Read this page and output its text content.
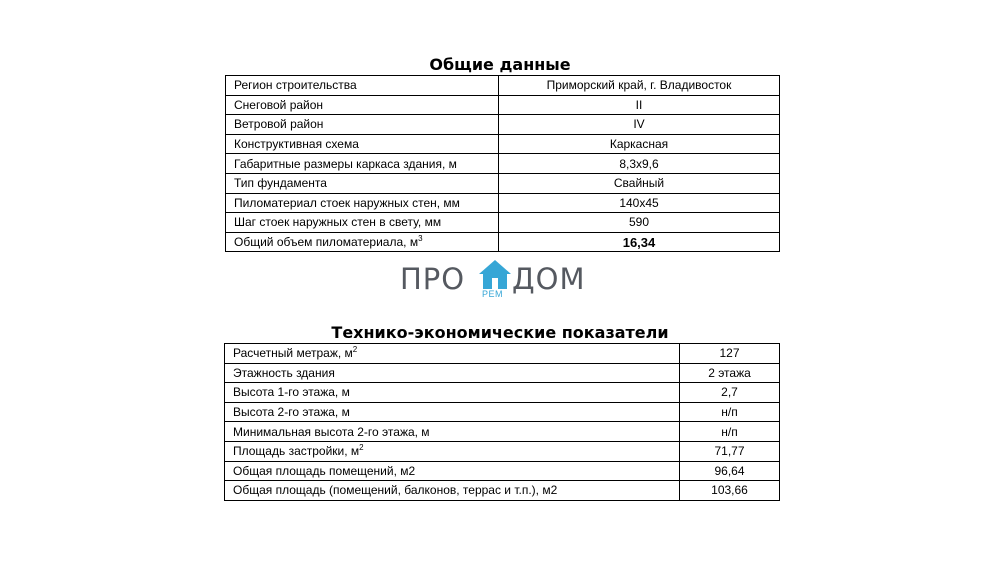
Общие данные
Регион строительства	Приморский край, г. Владивосток
Снеговой район	II
Ветровой район	IV
Конструктивная схема	Каркасная
Габаритные размеры каркаса здания, м	8,3х9,6
Тип фундамента	Свайный
Пиломатериал стоек наружных стен, мм	140х45
Шаг стоек наружных стен в свету, мм	590
Общий объем пиломатериала, $м^3$	16,34
ПРО РЕМ ДОМ
Технико-экономические показатели
Расчетный метраж, $м^2$	127
Этажность здания	2 этажа
Высота 1-го этажа, м	2,7
Высота 2-го этажа, м	н/п
Минимальная высота 2-го этажа, м	н/п
Площадь застройки, $м^2$	71,77
Общая площадь помещений, м2	96,64
Общая площадь (помещений, балконов, террас и т.п.), м2	103,66
